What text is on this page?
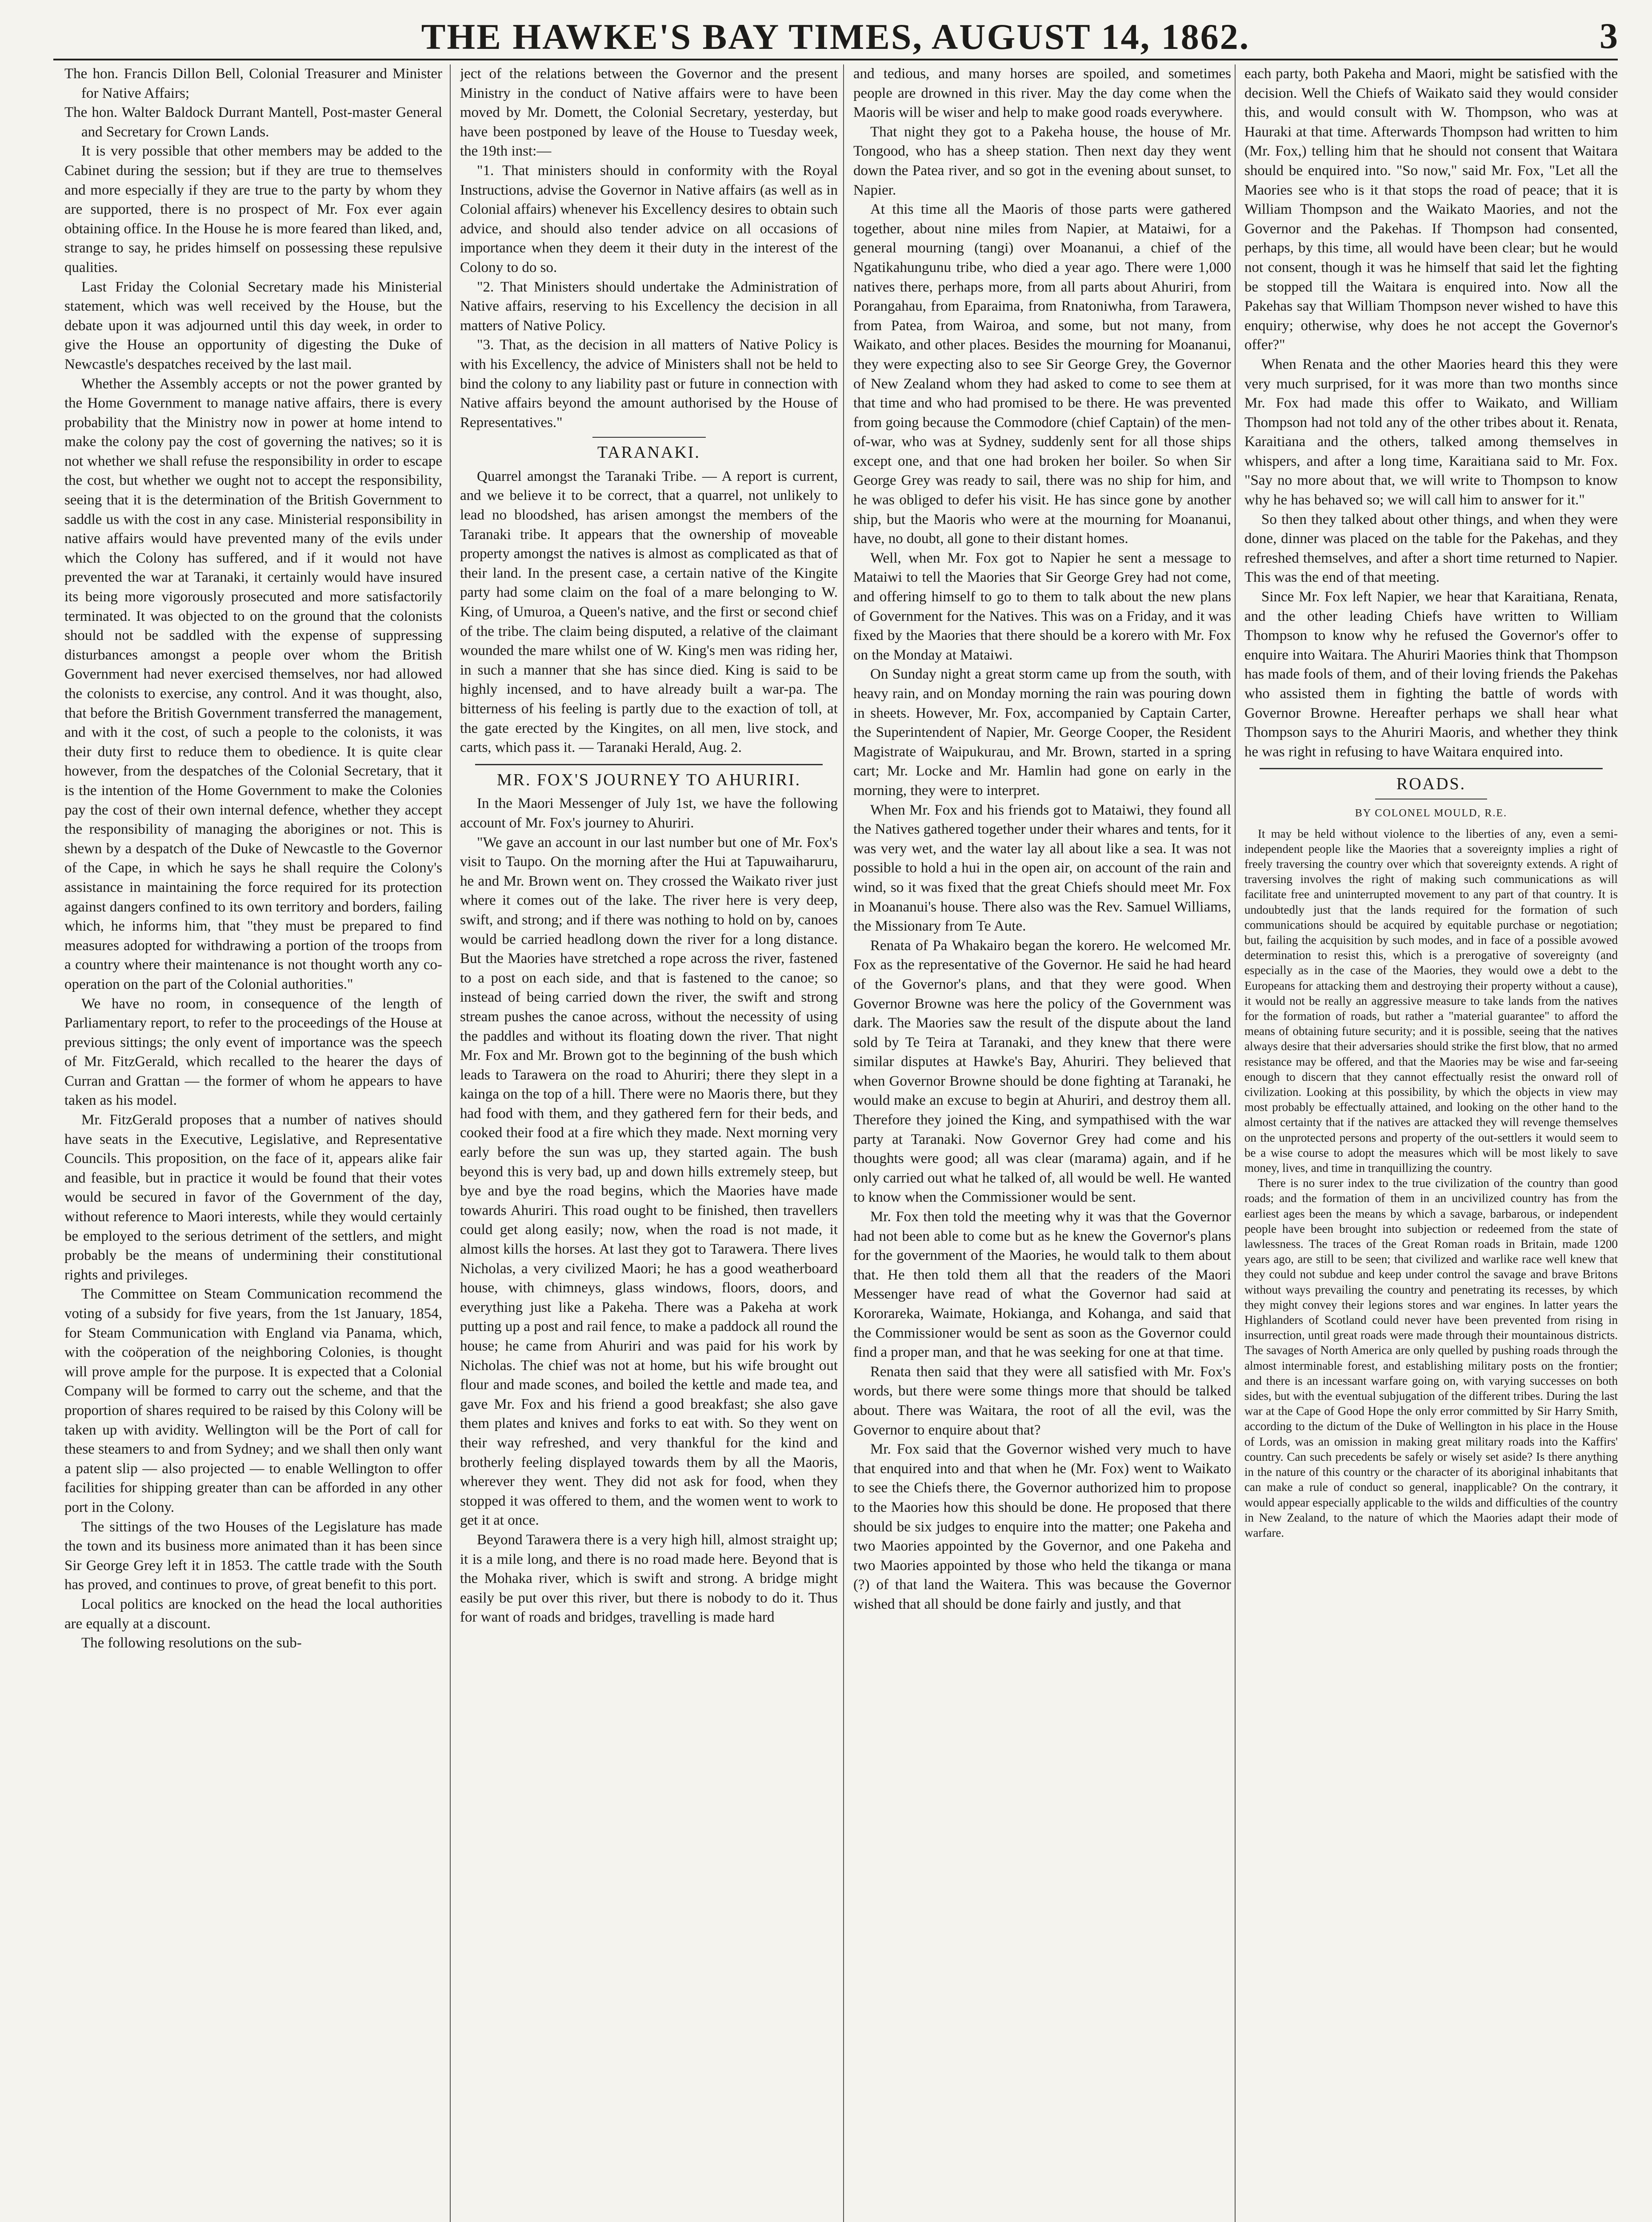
THE HAWKE'S BAY TIMES, AUGUST 14, 1862.	3

The hon. Francis Dillon Bell, Colonial Treasurer and Minister for Native Affairs;

The hon. Walter Baldock Durrant Mantell, Post-master General and Secretary for Crown Lands.

It is very possible that other members may be added to the Cabinet during the session; but if they are true to themselves and more especially if they are true to the party by whom they are supported, there is no prospect of Mr. Fox ever again obtaining office. In the House he is more feared than liked, and, strange to say, he prides himself on possessing these repulsive qualities.

Last Friday the Colonial Secretary made his Ministerial statement, which was well received by the House, but the debate upon it was adjourned until this day week, in order to give the House an opportunity of digesting the Duke of Newcastle's despatches received by the last mail.

Whether the Assembly accepts or not the power granted by the Home Government to manage native affairs, there is every probability that the Ministry now in power at home intend to make the colony pay the cost of governing the natives; so it is not whether we shall refuse the responsibility in order to escape the cost, but whether we ought not to accept the responsibility, seeing that it is the determination of the British Government to saddle us with the cost in any case. Ministerial responsibility in native affairs would have prevented many of the evils under which the Colony has suffered, and if it would not have prevented the war at Taranaki, it certainly would have insured its being more vigorously prosecuted and more satisfactorily terminated. It was objected to on the ground that the colonists should not be saddled with the expense of suppressing disturbances amongst a people over whom the British Government had never exercised themselves, nor had allowed the colonists to exercise, any control. And it was thought, also, that before the British Government transferred the management, and with it the cost, of such a people to the colonists, it was their duty first to reduce them to obedience. It is quite clear however, from the despatches of the Colonial Secretary, that it is the intention of the Home Government to make the Colonies pay the cost of their own internal defence, whether they accept the responsibility of managing the aborigines or not. This is shewn by a despatch of the Duke of Newcastle to the Governor of the Cape, in which he says he shall require the Colony's assistance in maintaining the force required for its protection against dangers confined to its own territory and borders, failing which, he informs him, that "they must be prepared to find measures adopted for withdrawing a portion of the troops from a country where their maintenance is not thought worth any co-operation on the part of the Colonial authorities."

We have no room, in consequence of the length of Parliamentary report, to refer to the proceedings of the House at previous sittings; the only event of importance was the speech of Mr. FitzGerald, which recalled to the hearer the days of Curran and Grattan — the former of whom he appears to have taken as his model.

Mr. FitzGerald proposes that a number of natives should have seats in the Executive, Legislative, and Representative Councils. This proposition, on the face of it, appears alike fair and feasible, but in practice it would be found that their votes would be secured in favor of the Government of the day, without reference to Maori interests, while they would certainly be employed to the serious detriment of the settlers, and might probably be the means of undermining their constitutional rights and privileges.

The Committee on Steam Communication recommend the voting of a subsidy for five years, from the 1st January, 1854, for Steam Communication with England via Panama, which, with the coöperation of the neighboring Colonies, is thought will prove ample for the purpose. It is expected that a Colonial Company will be formed to carry out the scheme, and that the proportion of shares required to be raised by this Colony will be taken up with avidity. Wellington will be the Port of call for these steamers to and from Sydney; and we shall then only want a patent slip — also projected — to enable Wellington to offer facilities for shipping greater than can be afforded in any other port in the Colony.

The sittings of the two Houses of the Legislature has made the town and its business more animated than it has been since Sir George Grey left it in 1853. The cattle trade with the South has proved, and continues to prove, of great benefit to this port.

Local politics are knocked on the head the local authorities are equally at a discount.

The following resolutions on the sub-

ject of the relations between the Governor and the present Ministry in the conduct of Native affairs were to have been moved by Mr. Domett, the Colonial Secretary, yesterday, but have been postponed by leave of the House to Tuesday week, the 19th inst:—

"1. That ministers should in conformity with the Royal Instructions, advise the Governor in Native affairs (as well as in Colonial affairs) whenever his Excellency desires to obtain such advice, and should also tender advice on all occasions of importance when they deem it their duty in the interest of the Colony to do so.

"2. That Ministers should undertake the Administration of Native affairs, reserving to his Excellency the decision in all matters of Native Policy.

"3. That, as the decision in all matters of Native Policy is with his Excellency, the advice of Ministers shall not be held to bind the colony to any liability past or future in connection with Native affairs beyond the amount authorised by the House of Representatives."

TARANAKI.

Quarrel amongst the Taranaki Tribe. — A report is current, and we believe it to be correct, that a quarrel, not unlikely to lead no bloodshed, has arisen amongst the members of the Taranaki tribe. It appears that the ownership of moveable property amongst the natives is almost as complicated as that of their land. In the present case, a certain native of the Kingite party had some claim on the foal of a mare belonging to W. King, of Umuroa, a Queen's native, and the first or second chief of the tribe. The claim being disputed, a relative of the claimant wounded the mare whilst one of W. King's men was riding her, in such a manner that she has since died. King is said to be highly incensed, and to have already built a war-pa. The bitterness of his feeling is partly due to the exaction of toll, at the gate erected by the Kingites, on all men, live stock, and carts, which pass it. — Taranaki Herald, Aug. 2.

MR. FOX'S JOURNEY TO AHURIRI.

In the Maori Messenger of July 1st, we have the following account of Mr. Fox's journey to Ahuriri.

"We gave an account in our last number but one of Mr. Fox's visit to Taupo. On the morning after the Hui at Tapuwaiharuru, he and Mr. Brown went on. They crossed the Waikato river just where it comes out of the lake. The river here is very deep, swift, and strong; and if there was nothing to hold on by, canoes would be carried headlong down the river for a long distance. But the Maories have stretched a rope across the river, fastened to a post on each side, and that is fastened to the canoe; so instead of being carried down the river, the swift and strong stream pushes the canoe across, without the necessity of using the paddles and without its floating down the river. That night Mr. Fox and Mr. Brown got to the beginning of the bush which leads to Tarawera on the road to Ahuriri; there they slept in a kainga on the top of a hill. There were no Maoris there, but they had food with them, and they gathered fern for their beds, and cooked their food at a fire which they made. Next morning very early before the sun was up, they started again. The bush beyond this is very bad, up and down hills extremely steep, but bye and bye the road begins, which the Maories have made towards Ahuriri. This road ought to be finished, then travellers could get along easily; now, when the road is not made, it almost kills the horses. At last they got to Tarawera. There lives Nicholas, a very civilized Maori; he has a good weatherboard house, with chimneys, glass windows, floors, doors, and everything just like a Pakeha. There was a Pakeha at work putting up a post and rail fence, to make a paddock all round the house; he came from Ahuriri and was paid for his work by Nicholas. The chief was not at home, but his wife brought out flour and made scones, and boiled the kettle and made tea, and gave Mr. Fox and his friend a good breakfast; she also gave them plates and knives and forks to eat with. So they went on their way refreshed, and very thankful for the kind and brotherly feeling displayed towards them by all the Maoris, wherever they went. They did not ask for food, when they stopped it was offered to them, and the women went to work to get it at once.

Beyond Tarawera there is a very high hill, almost straight up; it is a mile long, and there is no road made here. Beyond that is the Mohaka river, which is swift and strong. A bridge might easily be put over this river, but there is nobody to do it. Thus for want of roads and bridges, travelling is made hard

and tedious, and many horses are spoiled, and sometimes people are drowned in this river. May the day come when the Maoris will be wiser and help to make good roads everywhere.

That night they got to a Pakeha house, the house of Mr. Tongood, who has a sheep station. Then next day they went down the Patea river, and so got in the evening about sunset, to Napier.

At this time all the Maoris of those parts were gathered together, about nine miles from Napier, at Mataiwi, for a general mourning (tangi) over Moananui, a chief of the Ngatikahungunu tribe, who died a year ago. There were 1,000 natives there, perhaps more, from all parts about Ahuriri, from Porangahau, from Eparaima, from Rnatoniwha, from Tarawera, from Patea, from Wairoa, and some, but not many, from Waikato, and other places. Besides the mourning for Moananui, they were expecting also to see Sir George Grey, the Governor of New Zealand whom they had asked to come to see them at that time and who had promised to be there. He was prevented from going because the Commodore (chief Captain) of the men-of-war, who was at Sydney, suddenly sent for all those ships except one, and that one had broken her boiler. So when Sir George Grey was ready to sail, there was no ship for him, and he was obliged to defer his visit. He has since gone by another ship, but the Maoris who were at the mourning for Moananui, have, no doubt, all gone to their distant homes.

Well, when Mr. Fox got to Napier he sent a message to Mataiwi to tell the Maories that Sir George Grey had not come, and offering himself to go to them to talk about the new plans of Government for the Natives. This was on a Friday, and it was fixed by the Maories that there should be a korero with Mr. Fox on the Monday at Mataiwi.

On Sunday night a great storm came up from the south, with heavy rain, and on Monday morning the rain was pouring down in sheets. However, Mr. Fox, accompanied by Captain Carter, the Superintendent of Napier, Mr. George Cooper, the Resident Magistrate of Waipukurau, and Mr. Brown, started in a spring cart; Mr. Locke and Mr. Hamlin had gone on early in the morning, they were to interpret.

When Mr. Fox and his friends got to Mataiwi, they found all the Natives gathered together under their whares and tents, for it was very wet, and the water lay all about like a sea. It was not possible to hold a hui in the open air, on account of the rain and wind, so it was fixed that the great Chiefs should meet Mr. Fox in Moananui's house. There also was the Rev. Samuel Williams, the Missionary from Te Aute.

Renata of Pa Whakairo began the korero. He welcomed Mr. Fox as the representative of the Governor. He said he had heard of the Governor's plans, and that they were good. When Governor Browne was here the policy of the Government was dark. The Maories saw the result of the dispute about the land sold by Te Teira at Taranaki, and they knew that there were similar disputes at Hawke's Bay, Ahuriri. They believed that when Governor Browne should be done fighting at Taranaki, he would make an excuse to begin at Ahuriri, and destroy them all. Therefore they joined the King, and sympathised with the war party at Taranaki. Now Governor Grey had come and his thoughts were good; all was clear (marama) again, and if he only carried out what he talked of, all would be well. He wanted to know when the Commissioner would be sent.

Mr. Fox then told the meeting why it was that the Governor had not been able to come but as he knew the Governor's plans for the government of the Maories, he would talk to them about that. He then told them all that the readers of the Maori Messenger have read of what the Governor had said at Kororareka, Waimate, Hokianga, and Kohanga, and said that the Commissioner would be sent as soon as the Governor could find a proper man, and that he was seeking for one at that time.

Renata then said that they were all satisfied with Mr. Fox's words, but there were some things more that should be talked about. There was Waitara, the root of all the evil, was the Governor to enquire about that?

Mr. Fox said that the Governor wished very much to have that enquired into and that when he (Mr. Fox) went to Waikato to see the Chiefs there, the Governor authorized him to propose to the Maories how this should be done. He proposed that there should be six judges to enquire into the matter; one Pakeha and two Maories appointed by the Governor, and one Pakeha and two Maories appointed by those who held the tikanga or mana (?) of that land the Waitera. This was because the Governor wished that all should be done fairly and justly, and that

each party, both Pakeha and Maori, might be satisfied with the decision. Well the Chiefs of Waikato said they would consider this, and would consult with W. Thompson, who was at Hauraki at that time. Afterwards Thompson had written to him (Mr. Fox,) telling him that he should not consent that Waitara should be enquired into. "So now," said Mr. Fox, "Let all the Maories see who is it that stops the road of peace; that it is William Thompson and the Waikato Maories, and not the Governor and the Pakehas. If Thompson had consented, perhaps, by this time, all would have been clear; but he would not consent, though it was he himself that said let the fighting be stopped till the Waitara is enquired into. Now all the Pakehas say that William Thompson never wished to have this enquiry; otherwise, why does he not accept the Governor's offer?"

When Renata and the other Maories heard this they were very much surprised, for it was more than two months since Mr. Fox had made this offer to Waikato, and William Thompson had not told any of the other tribes about it. Renata, Karaitiana and the others, talked among themselves in whispers, and after a long time, Karaitiana said to Mr. Fox. "Say no more about that, we will write to Thompson to know why he has behaved so; we will call him to answer for it."

So then they talked about other things, and when they were done, dinner was placed on the table for the Pakehas, and they refreshed themselves, and after a short time returned to Napier. This was the end of that meeting.

Since Mr. Fox left Napier, we hear that Karaitiana, Renata, and the other leading Chiefs have written to William Thompson to know why he refused the Governor's offer to enquire into Waitara. The Ahuriri Maories think that Thompson has made fools of them, and of their loving friends the Pakehas who assisted them in fighting the battle of words with Governor Browne. Hereafter perhaps we shall hear what Thompson says to the Ahuriri Maoris, and whether they think he was right in refusing to have Waitara enquired into.

ROADS.
BY COLONEL MOULD, R.E.

It may be held without violence to the liberties of any, even a semi-independent people like the Maories that a sovereignty implies a right of freely traversing the country over which that sovereignty extends. A right of traversing involves the right of making such communications as will facilitate free and uninterrupted movement to any part of that country. It is undoubtedly just that the lands required for the formation of such communications should be acquired by equitable purchase or negotiation; but, failing the acquisition by such modes, and in face of a possible avowed determination to resist this, which is a prerogative of sovereignty (and especially as in the case of the Maories, they would owe a debt to the Europeans for attacking them and destroying their property without a cause), it would not be really an aggressive measure to take lands from the natives for the formation of roads, but rather a "material guarantee" to afford the means of obtaining future security; and it is possible, seeing that the natives always desire that their adversaries should strike the first blow, that no armed resistance may be offered, and that the Maories may be wise and far-seeing enough to discern that they cannot effectually resist the onward roll of civilization. Looking at this possibility, by which the objects in view may most probably be effectually attained, and looking on the other hand to the almost certainty that if the natives are attacked they will revenge themselves on the unprotected persons and property of the out-settlers it would seem to be a wise course to adopt the measures which will be most likely to save money, lives, and time in tranquillizing the country.

There is no surer index to the true civilization of the country than good roads; and the formation of them in an uncivilized country has from the earliest ages been the means by which a savage, barbarous, or independent people have been brought into subjection or redeemed from the state of lawlessness. The traces of the Great Roman roads in Britain, made 1200 years ago, are still to be seen; that civilized and warlike race well knew that they could not subdue and keep under control the savage and brave Britons without ways prevailing the country and penetrating its recesses, by which they might convey their legions stores and war engines. In latter years the Highlanders of Scotland could never have been prevented from rising in insurrection, until great roads were made through their mountainous districts. The savages of North America are only quelled by pushing roads through the almost interminable forest, and establishing military posts on the frontier; and there is an incessant warfare going on, with varying successes on both sides, but with the eventual subjugation of the different tribes. During the last war at the Cape of Good Hope the only error committed by Sir Harry Smith, according to the dictum of the Duke of Wellington in his place in the House of Lords, was an omission in making great military roads into the Kaffirs' country. Can such precedents be safely or wisely set aside? Is there anything in the nature of this country or the character of its aboriginal inhabitants that can make a rule of conduct so general, inapplicable? On the contrary, it would appear especially applicable to the wilds and difficulties of the country in New Zealand, to the nature of which the Maories adapt their mode of warfare.
